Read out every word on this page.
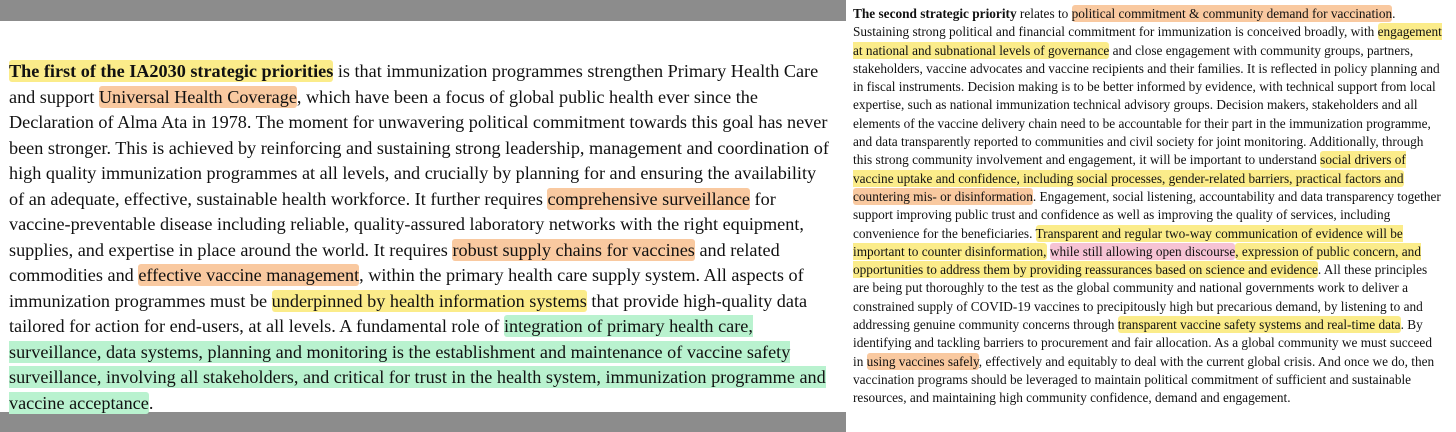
The first of the IA2030 strategic priorities is that immunization programmes strengthen Primary Health Care and support Universal Health Coverage, which have been a focus of global public health ever since the Declaration of Alma Ata in 1978. The moment for unwavering political commitment towards this goal has never been stronger. This is achieved by reinforcing and sustaining strong leadership, management and coordination of high quality immunization programmes at all levels, and crucially by planning for and ensuring the availability of an adequate, effective, sustainable health workforce. It further requires comprehensive surveillance for vaccine-preventable disease including reliable, quality-assured laboratory networks with the right equipment, supplies, and expertise in place around the world. It requires robust supply chains for vaccines and related commodities and effective vaccine management, within the primary health care supply system. All aspects of immunization programmes must be underpinned by health information systems that provide high-quality data tailored for action for end-users, at all levels. A fundamental role of integration of primary health care, surveillance, data systems, planning and monitoring is the establishment and maintenance of vaccine safety surveillance, involving all stakeholders, and critical for trust in the health system, immunization programme and vaccine acceptance.

The second strategic priority relates to political commitment & community demand for vaccination. Sustaining strong political and financial commitment for immunization is conceived broadly, with engagement at national and subnational levels of governance and close engagement with community groups, partners, stakeholders, vaccine advocates and vaccine recipients and their families. It is reflected in policy planning and in fiscal instruments. Decision making is to be better informed by evidence, with technical support from local expertise, such as national immunization technical advisory groups. Decision makers, stakeholders and all elements of the vaccine delivery chain need to be accountable for their part in the immunization programme, and data transparently reported to communities and civil society for joint monitoring. Additionally, through this strong community involvement and engagement, it will be important to understand social drivers of vaccine uptake and confidence, including social processes, gender-related barriers, practical factors and countering mis- or disinformation. Engagement, social listening, accountability and data transparency together support improving public trust and confidence as well as improving the quality of services, including convenience for the beneficiaries. Transparent and regular two-way communication of evidence will be important to counter disinformation, while still allowing open discourse, expression of public concern, and opportunities to address them by providing reassurances based on science and evidence. All these principles are being put thoroughly to the test as the global community and national governments work to deliver a constrained supply of COVID-19 vaccines to precipitously high but precarious demand, by listening to and addressing genuine community concerns through transparent vaccine safety systems and real-time data. By identifying and tackling barriers to procurement and fair allocation. As a global community we must succeed in using vaccines safely, effectively and equitably to deal with the current global crisis. And once we do, then vaccination programs should be leveraged to maintain political commitment of sufficient and sustainable resources, and maintaining high community confidence, demand and engagement.
